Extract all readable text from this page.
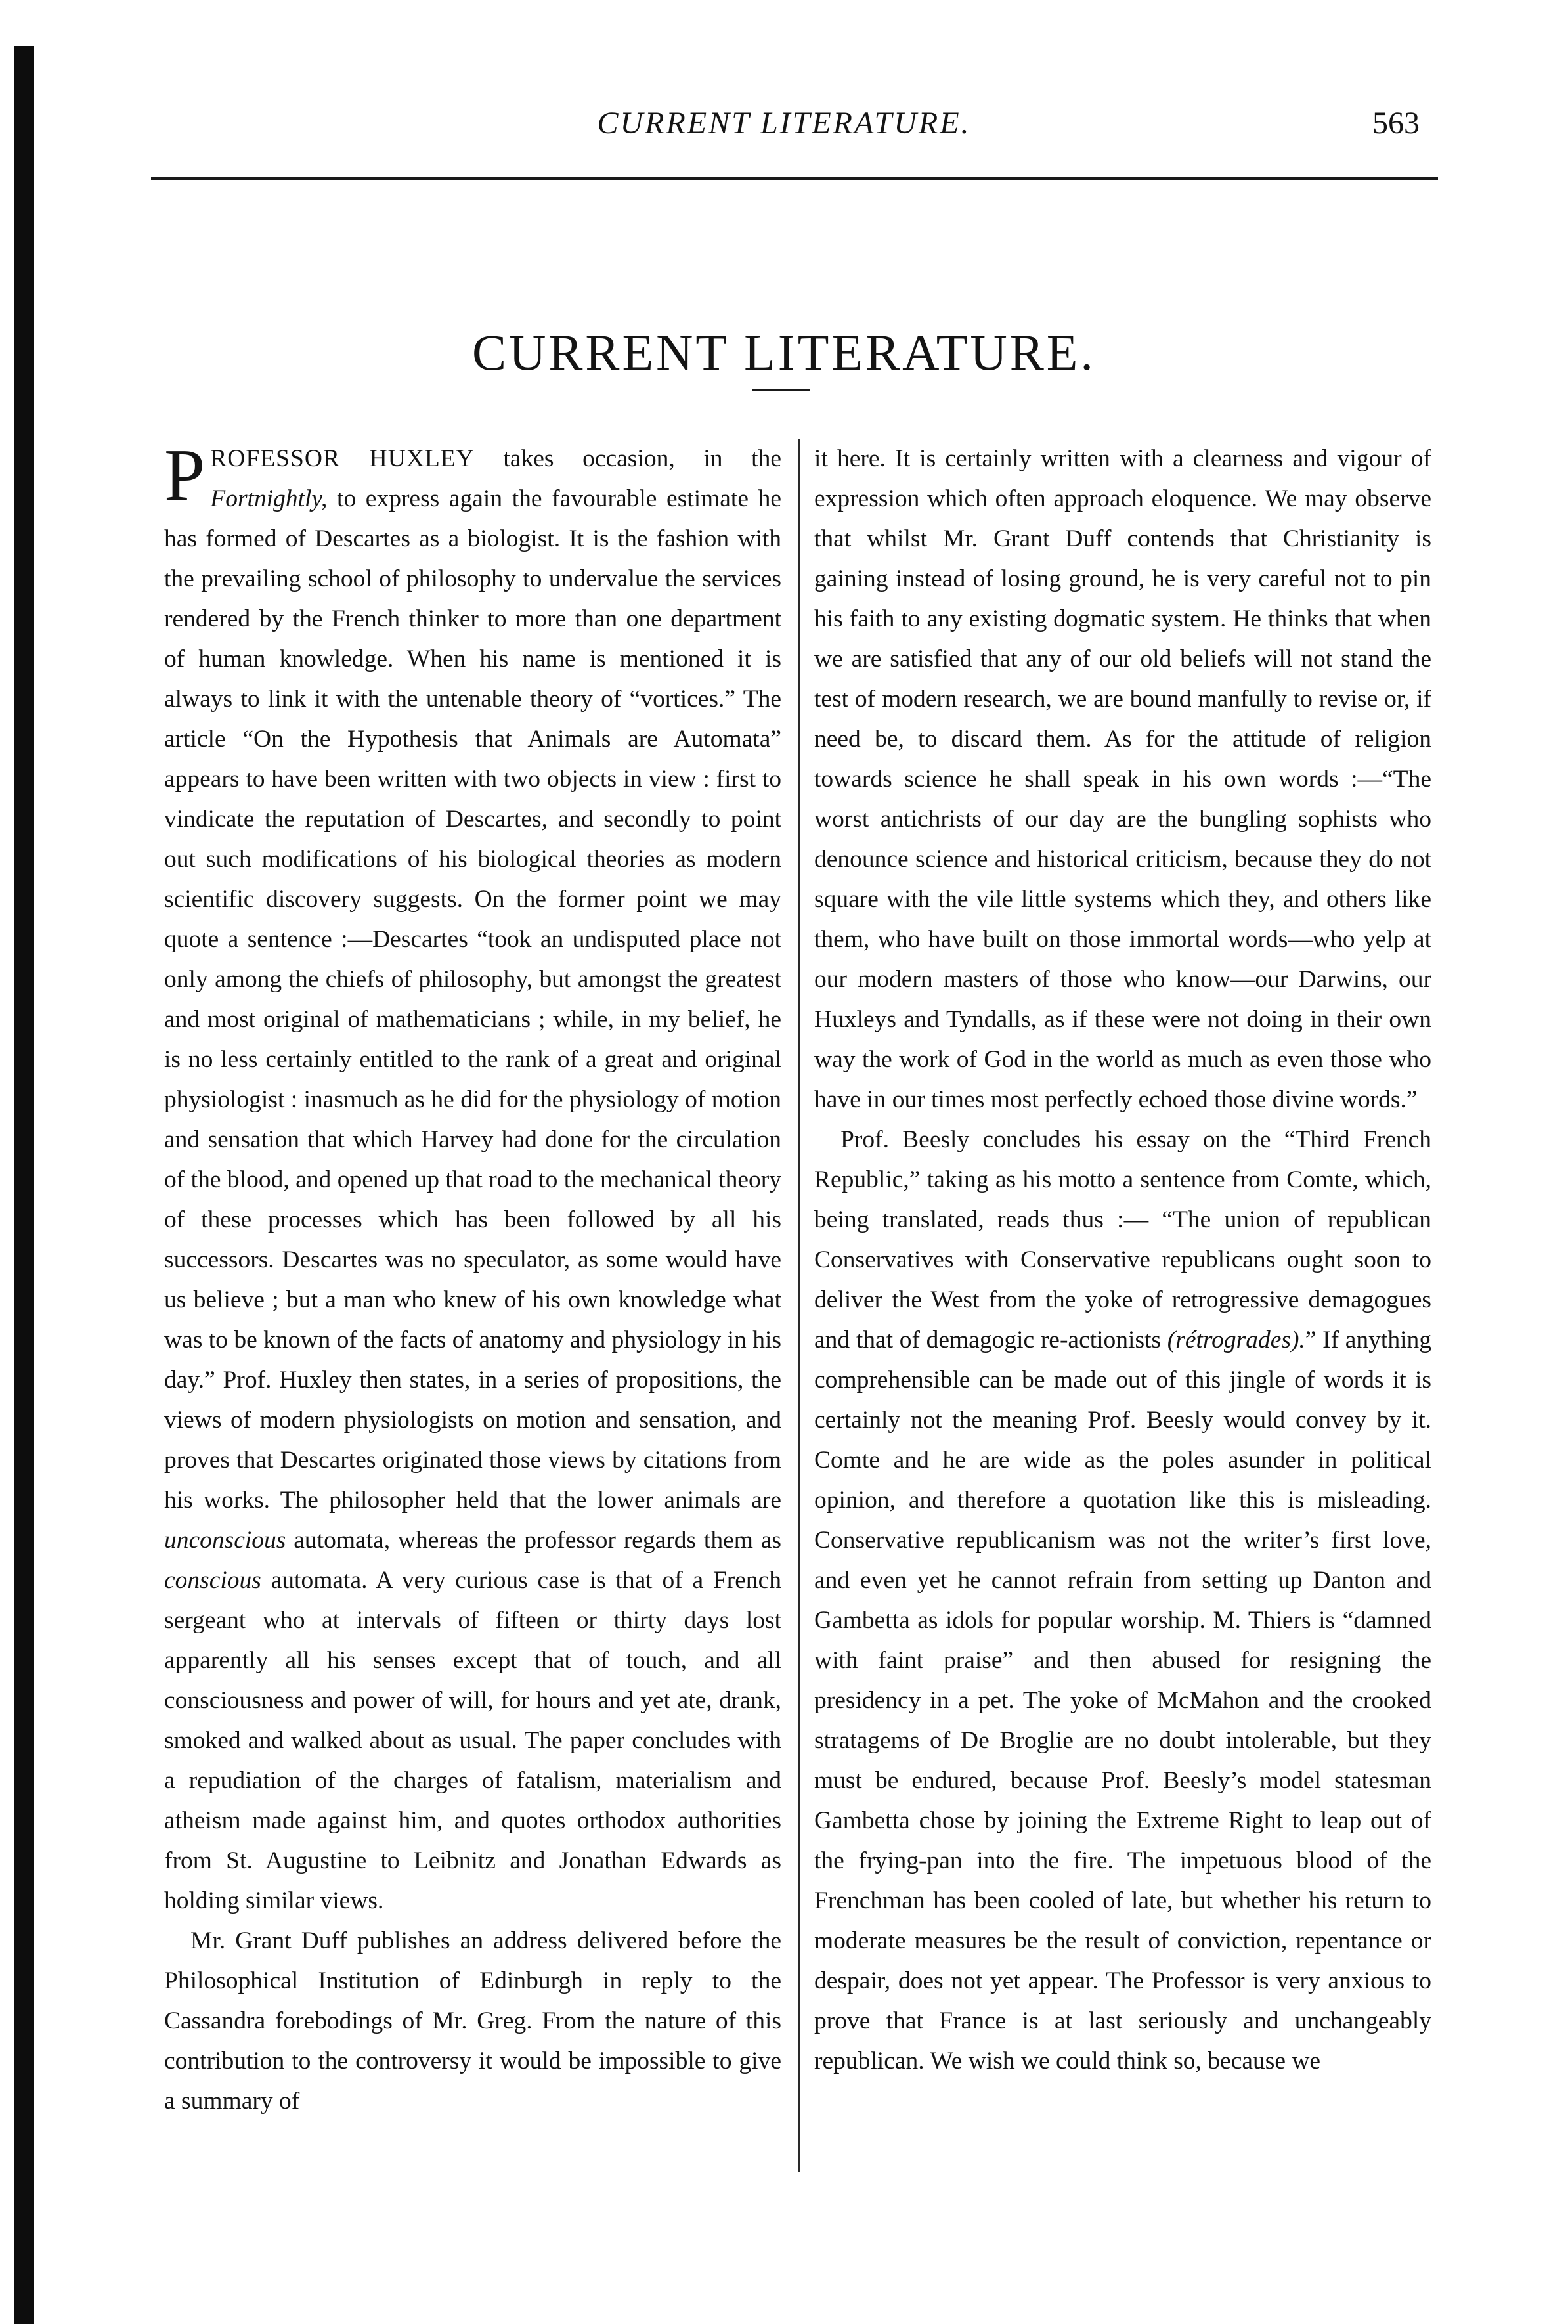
CURRENT LITERATURE.	563
CURRENT LITERATURE.

PROFESSOR HUXLEY takes occasion, in the Fortnightly, to express again the favourable estimate he has formed of Descartes as a biologist. It is the fashion with the prevailing school of philosophy to undervalue the services rendered by the French thinker to more than one department of human knowledge. When his name is mentioned it is always to link it with the untenable theory of “vortices.” The article “On the Hypothesis that Animals are Automata” appears to have been written with two objects in view : first to vindicate the reputation of Descartes, and secondly to point out such modifications of his biological theories as modern scientific discovery suggests. On the former point we may quote a sentence :—Descartes “took an undisputed place not only among the chiefs of philosophy, but amongst the greatest and most original of mathematicians ; while, in my belief, he is no less certainly entitled to the rank of a great and original physiologist : inasmuch as he did for the physiology of motion and sensation that which Harvey had done for the circulation of the blood, and opened up that road to the mechanical theory of these processes which has been followed by all his successors. Descartes was no speculator, as some would have us believe ; but a man who knew of his own knowledge what was to be known of the facts of anatomy and physiology in his day.” Prof. Huxley then states, in a series of propositions, the views of modern physiologists on motion and sensation, and proves that Descartes originated those views by citations from his works. The philosopher held that the lower animals are unconscious automata, whereas the professor regards them as conscious automata. A very curious case is that of a French sergeant who at intervals of fifteen or thirty days lost apparently all his senses except that of touch, and all consciousness and power of will, for hours and yet ate, drank, smoked and walked about as usual. The paper concludes with a repudiation of the charges of fatalism, materialism and atheism made against him, and quotes orthodox authorities from St. Augustine to Leibnitz and Jonathan Edwards as holding similar views.

Mr. Grant Duff publishes an address delivered before the Philosophical Institution of Edinburgh in reply to the Cassandra forebodings of Mr. Greg. From the nature of this contribution to the controversy it would be impossible to give a summary of

it here. It is certainly written with a clearness and vigour of expression which often approach eloquence. We may observe that whilst Mr. Grant Duff contends that Christianity is gaining instead of losing ground, he is very careful not to pin his faith to any existing dogmatic system. He thinks that when we are satisfied that any of our old beliefs will not stand the test of modern research, we are bound manfully to revise or, if need be, to discard them. As for the attitude of religion towards science he shall speak in his own words :—“The worst antichrists of our day are the bungling sophists who denounce science and historical criticism, because they do not square with the vile little systems which they, and others like them, who have built on those immortal words—who yelp at our modern masters of those who know—our Darwins, our Huxleys and Tyndalls, as if these were not doing in their own way the work of God in the world as much as even those who have in our times most perfectly echoed those divine words.”

Prof. Beesly concludes his essay on the “Third French Republic,” taking as his motto a sentence from Comte, which, being translated, reads thus :— “The union of republican Conservatives with Conservative republicans ought soon to deliver the West from the yoke of retrogressive demagogues and that of demagogic re-actionists (rétrogrades).” If anything comprehensible can be made out of this jingle of words it is certainly not the meaning Prof. Beesly would convey by it. Comte and he are wide as the poles asunder in political opinion, and therefore a quotation like this is misleading. Conservative republicanism was not the writer’s first love, and even yet he cannot refrain from setting up Danton and Gambetta as idols for popular worship. M. Thiers is “damned with faint praise” and then abused for resigning the presidency in a pet. The yoke of McMahon and the crooked stratagems of De Broglie are no doubt intolerable, but they must be endured, because Prof. Beesly’s model statesman Gambetta chose by joining the Extreme Right to leap out of the frying-pan into the fire. The impetuous blood of the Frenchman has been cooled of late, but whether his return to moderate measures be the result of conviction, repentance or despair, does not yet appear. The Professor is very anxious to prove that France is at last seriously and unchangeably republican. We wish we could think so, because we
